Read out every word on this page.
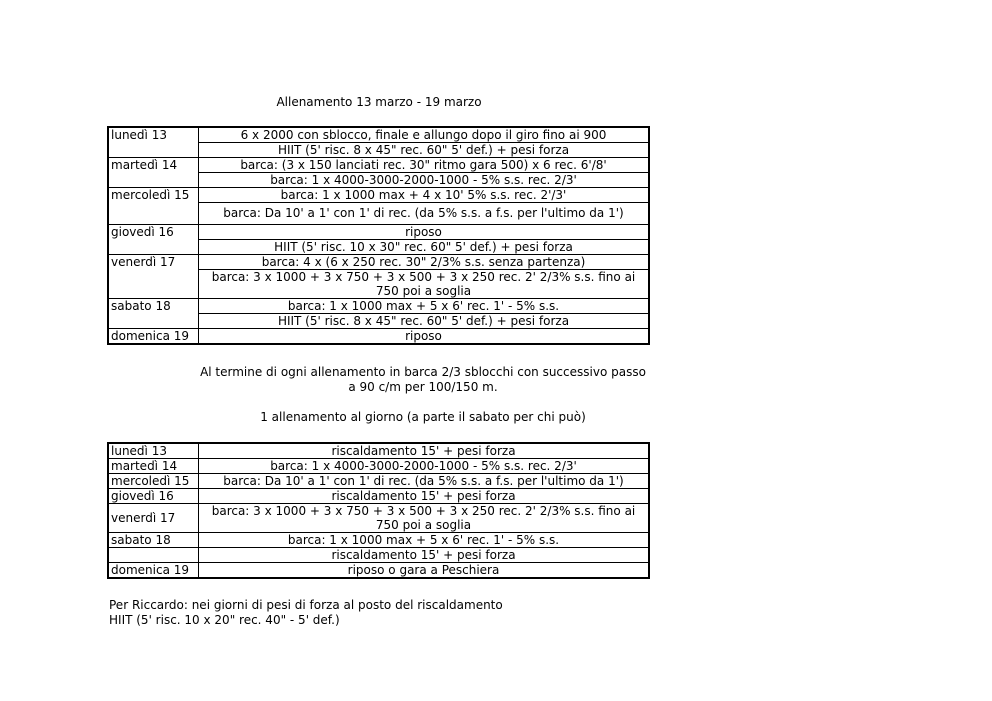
Allenamento 13 marzo - 19 marzo
lunedì 13	6 x 2000 con sblocco, finale e allungo dopo il giro fino ai 900
	HIIT (5' risc. 8 x 45" rec. 60" 5' def.) + pesi forza
martedì 14	barca: (3 x 150 lanciati rec. 30" ritmo gara 500) x 6 rec. 6'/8'
	barca: 1 x 4000-3000-2000-1000 - 5% s.s. rec. 2/3'
mercoledì 15	barca: 1 x 1000 max + 4 x 10' 5% s.s. rec. 2'/3'
	barca: Da 10' a 1' con 1' di rec. (da 5% s.s. a f.s. per l'ultimo da 1')
giovedì 16	riposo
	HIIT (5' risc. 10 x 30" rec. 60" 5' def.) + pesi forza
venerdì 17	barca: 4 x (6 x 250 rec. 30" 2/3% s.s. senza partenza)
	barca: 3 x 1000 + 3 x 750 + 3 x 500 + 3 x 250 rec. 2' 2/3% s.s. fino ai 750 poi a soglia
sabato 18	barca: 1 x 1000 max + 5 x 6' rec. 1' - 5% s.s.
	HIIT (5' risc. 8 x 45" rec. 60" 5' def.) + pesi forza
domenica 19	riposo
Al termine di ogni allenamento in barca 2/3 sblocchi con successivo passo a 90 c/m per 100/150 m.
1 allenamento al giorno (a parte il sabato per chi può)
lunedì 13	riscaldamento 15' + pesi forza
martedì 14	barca: 1 x 4000-3000-2000-1000 - 5% s.s. rec. 2/3'
mercoledì 15	barca: Da 10' a 1' con 1' di rec. (da 5% s.s. a f.s. per l'ultimo da 1')
giovedì 16	riscaldamento 15' + pesi forza
venerdì 17	barca: 3 x 1000 + 3 x 750 + 3 x 500 + 3 x 250 rec. 2' 2/3% s.s. fino ai 750 poi a soglia
sabato 18	barca: 1 x 1000 max + 5 x 6' rec. 1' - 5% s.s.
	riscaldamento 15' + pesi forza
domenica 19	riposo o gara a Peschiera
Per Riccardo: nei giorni di pesi di forza al posto del riscaldamento
HIIT (5' risc. 10 x 20" rec. 40" - 5' def.)
